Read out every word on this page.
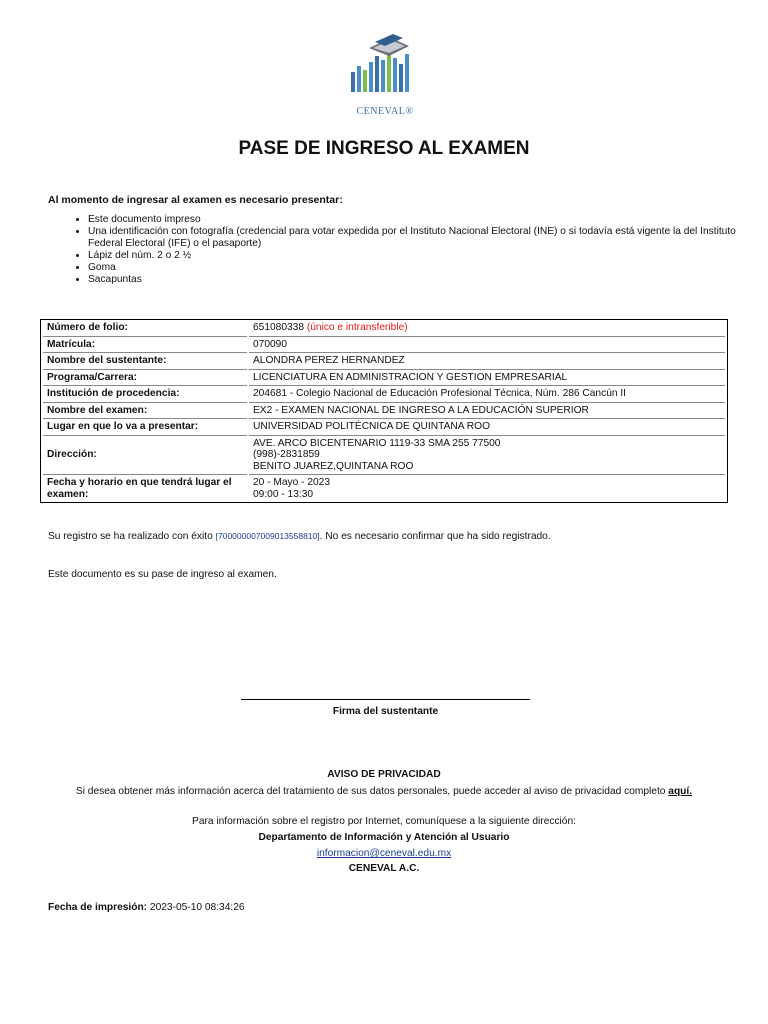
CENEVAL®
PASE DE INGRESO AL EXAMEN
Al momento de ingresar al examen es necesario presentar:
• Este documento impreso
• Una identificación con fotografía (credencial para votar expedida por el Instituto Nacional Electoral (INE) o si todavía está vigente la del Instituto Federal Electoral (IFE) o el pasaporte)
• Lápiz del núm. 2 o 2 ½
• Goma
• Sacapuntas
Número de folio:	651080338 (único e intransferible)
Matrícula:	070090
Nombre del sustentante:	ALONDRA PEREZ HERNANDEZ
Programa/Carrera:	LICENCIATURA EN ADMINISTRACION Y GESTION EMPRESARIAL
Institución de procedencia:	204681 - Colegio Nacional de Educación Profesional Técnica, Núm. 286 Cancún II
Nombre del examen:	EX2 - EXAMEN NACIONAL DE INGRESO A LA EDUCACIÓN SUPERIOR
Lugar en que lo va a presentar:	UNIVERSIDAD POLITÉCNICA DE QUINTANA ROO
Dirección:	AVE. ARCO BICENTENARIO 1119-33 SMA 255 77500
(998)-2831859
BENITO JUAREZ,QUINTANA ROO

Fecha y horario en que tendrá lugar el examen:	20 - Mayo - 2023
09:00 - 13:30
Su registro se ha realizado con éxito [700000007009013558810]. No es necesario confirmar que ha sido registrado.
Este documento es su pase de ingreso al examen.
Firma del sustentante
AVISO DE PRIVACIDAD
Si desea obtener más información acerca del tratamiento de sus datos personales, puede acceder al aviso de privacidad completo aquí.
Para información sobre el registro por Internet, comuníquese a la siguiente dirección:
Departamento de Información y Atención al Usuario
informacion@ceneval.edu.mx
CENEVAL A.C.
Fecha de impresión: 2023-05-10 08:34:26
